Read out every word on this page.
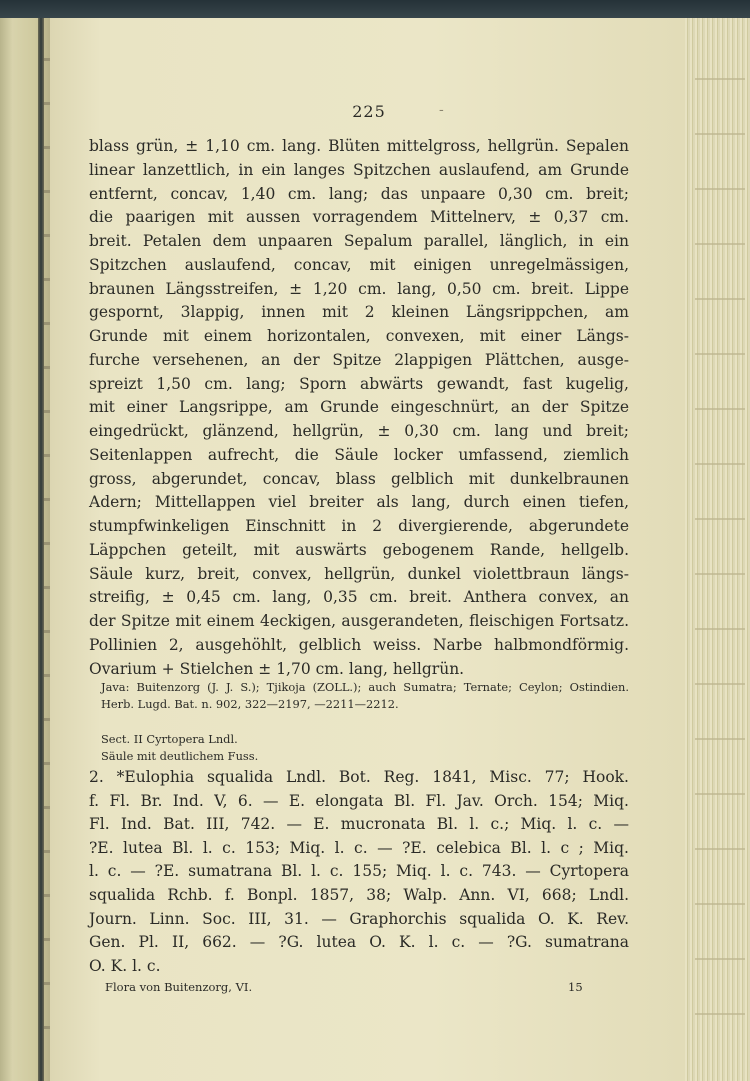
225	-
blass grün, ± 1,10 cm. lang. Blüten mittelgross, hellgrün. Sepalen
linear lanzettlich, in ein langes Spitzchen auslaufend, am Grunde
entfernt, concav, 1,40 cm. lang; das unpaare 0,30 cm. breit;
die paarigen mit aussen vorragendem Mittelnerv, ± 0,37 cm.
breit. Petalen dem unpaaren Sepalum parallel, länglich, in ein
Spitzchen auslaufend, concav, mit einigen unregelmässigen,
braunen Längsstreifen, ± 1,20 cm. lang, 0,50 cm. breit. Lippe
gespornt, 3lappig, innen mit 2 kleinen Längsrippchen, am
Grunde mit einem horizontalen, convexen, mit einer Längs-
furche versehenen, an der Spitze 2lappigen Plättchen, ausge-
spreizt 1,50 cm. lang; Sporn abwärts gewandt, fast kugelig,
mit einer Langsrippe, am Grunde eingeschnürt, an der Spitze
eingedrückt, glänzend, hellgrün, ± 0,30 cm. lang und breit;
Seitenlappen aufrecht, die Säule locker umfassend, ziemlich
gross, abgerundet, concav, blass gelblich mit dunkelbraunen
Adern; Mittellappen viel breiter als lang, durch einen tiefen,
stumpfwinkeligen Einschnitt in 2 divergierende, abgerundete
Läppchen geteilt, mit auswärts gebogenem Rande, hellgelb.
Säule kurz, breit, convex, hellgrün, dunkel violettbraun längs-
streifig, ± 0,45 cm. lang, 0,35 cm. breit. Anthera convex, an
der Spitze mit einem 4eckigen, ausgerandeten, fleischigen Fortsatz.
Pollinien 2, ausgehöhlt, gelblich weiss. Narbe halbmondförmig.
Ovarium + Stielchen ± 1,70 cm. lang, hellgrün.
Java: Buitenzorg (J. J. S.); Tjikoja (ZOLL.); auch Sumatra; Ternate; Ceylon; Ostindien.
Herb. Lugd. Bat. n. 902, 322—2197, —2211—2212.
Sect. II Cyrtopera Lndl.
Säule mit deutlichem Fuss.
2. *Eulophia squalida Lndl. Bot. Reg. 1841, Misc. 77; Hook.
f. Fl. Br. Ind. V, 6. — E. elongata Bl. Fl. Jav. Orch. 154; Miq.
Fl. Ind. Bat. III, 742. — E. mucronata Bl. l. c.; Miq. l. c. —
?E. lutea Bl. l. c. 153; Miq. l. c. — ?E. celebica Bl. l. c ; Miq.
l. c. — ?E. sumatrana Bl. l. c. 155; Miq. l. c. 743. — Cyrtopera
squalida Rchb. f. Bonpl. 1857, 38; Walp. Ann. VI, 668; Lndl.
Journ. Linn. Soc. III, 31. — Graphorchis squalida O. K. Rev.
Gen. Pl. II, 662. — ?G. lutea O. K. l. c. — ?G. sumatrana
O. K. l. c.
Flora von Buitenzorg, VI.	15
